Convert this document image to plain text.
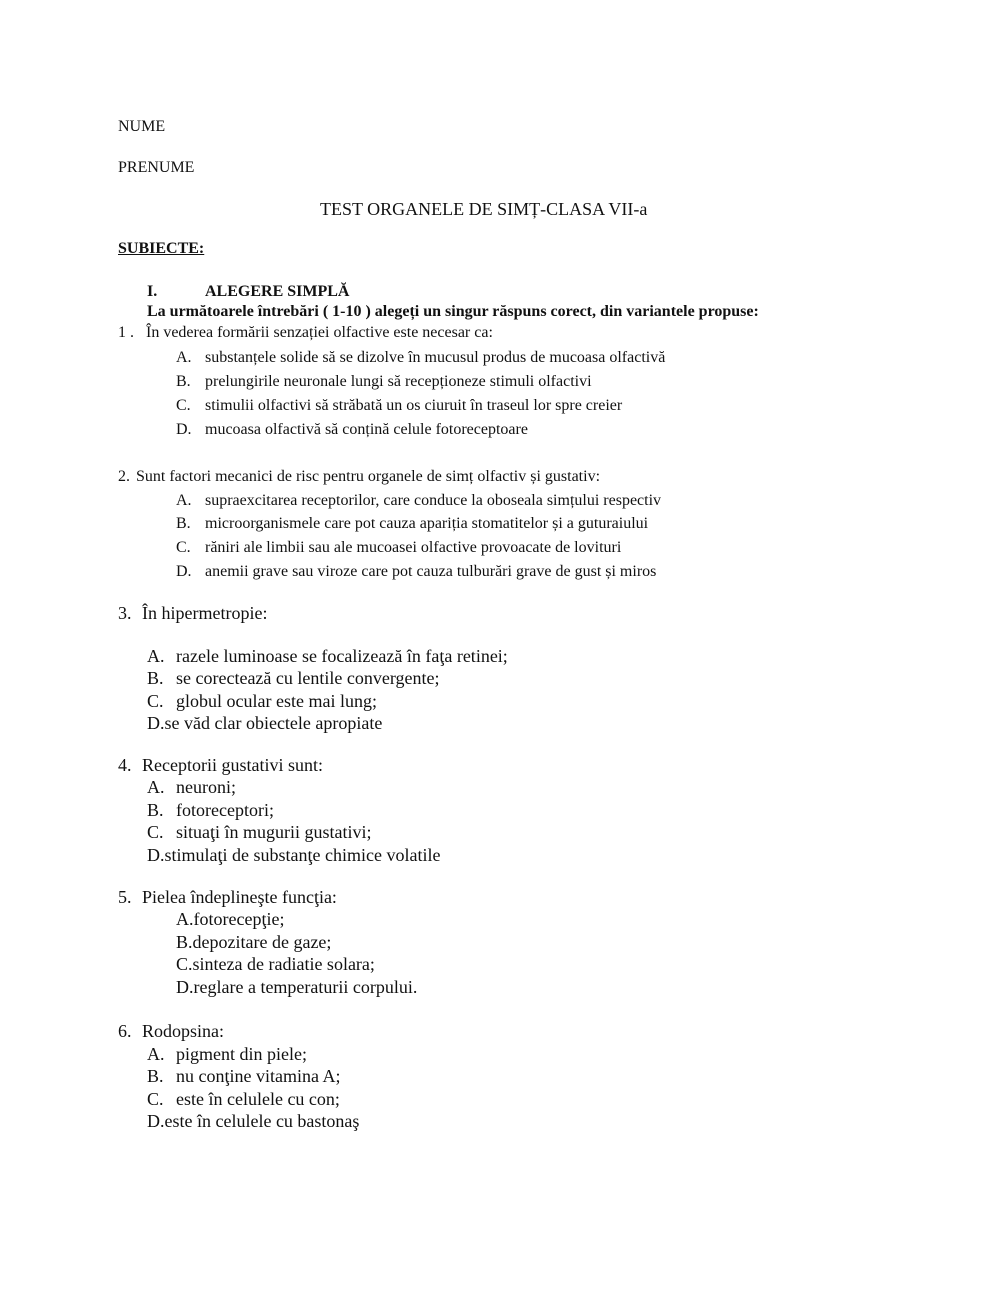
NUME
PRENUME
TEST ORGANELE DE SIMȚ-CLASA VII-a
SUBIECTE:
I.	ALEGERE SIMPLĂ
La următoarele întrebări ( 1-10 ) alegeți un singur răspuns corect, din variantele propuse:
1 . În vederea formării senzației olfactive este necesar ca:
A. substanțele solide să se dizolve în mucusul produs de mucoasa olfactivă
B. prelungirile neuronale lungi să recepționeze stimuli olfactivi
C. stimulii olfactivi să străbată un os ciuruit în traseul lor spre creier
D. mucoasa olfactivă să conțină celule fotoreceptoare
2. Sunt factori mecanici de risc pentru organele de simț olfactiv și gustativ:
A. supraexcitarea receptorilor, care conduce la oboseala simțului respectiv
B. microorganismele care pot cauza apariția stomatitelor și a guturaiului
C. răniri ale limbii sau ale mucoasei olfactive provoacate de lovituri
D. anemii grave sau viroze care pot cauza tulburări grave de gust și miros
3. În hipermetropie:
A. razele luminoase se focalizează în faţa retinei;
B. se corectează cu lentile convergente;
C. globul ocular este mai lung;
D.se văd clar obiectele apropiate
4. Receptorii gustativi sunt:
A. neuroni;
B. fotoreceptori;
C. situaţi în mugurii gustativi;
D.stimulaţi de substanţe chimice volatile
5. Pielea îndeplineşte funcţia:
A.fotorecepţie;
B.depozitare de gaze;
C.sinteza de radiatie solara;
D.reglare a temperaturii corpului.
6. Rodopsina:
A. pigment din piele;
B. nu conţine vitamina A;
C. este în celulele cu con;
D.este în celulele cu bastonaş
